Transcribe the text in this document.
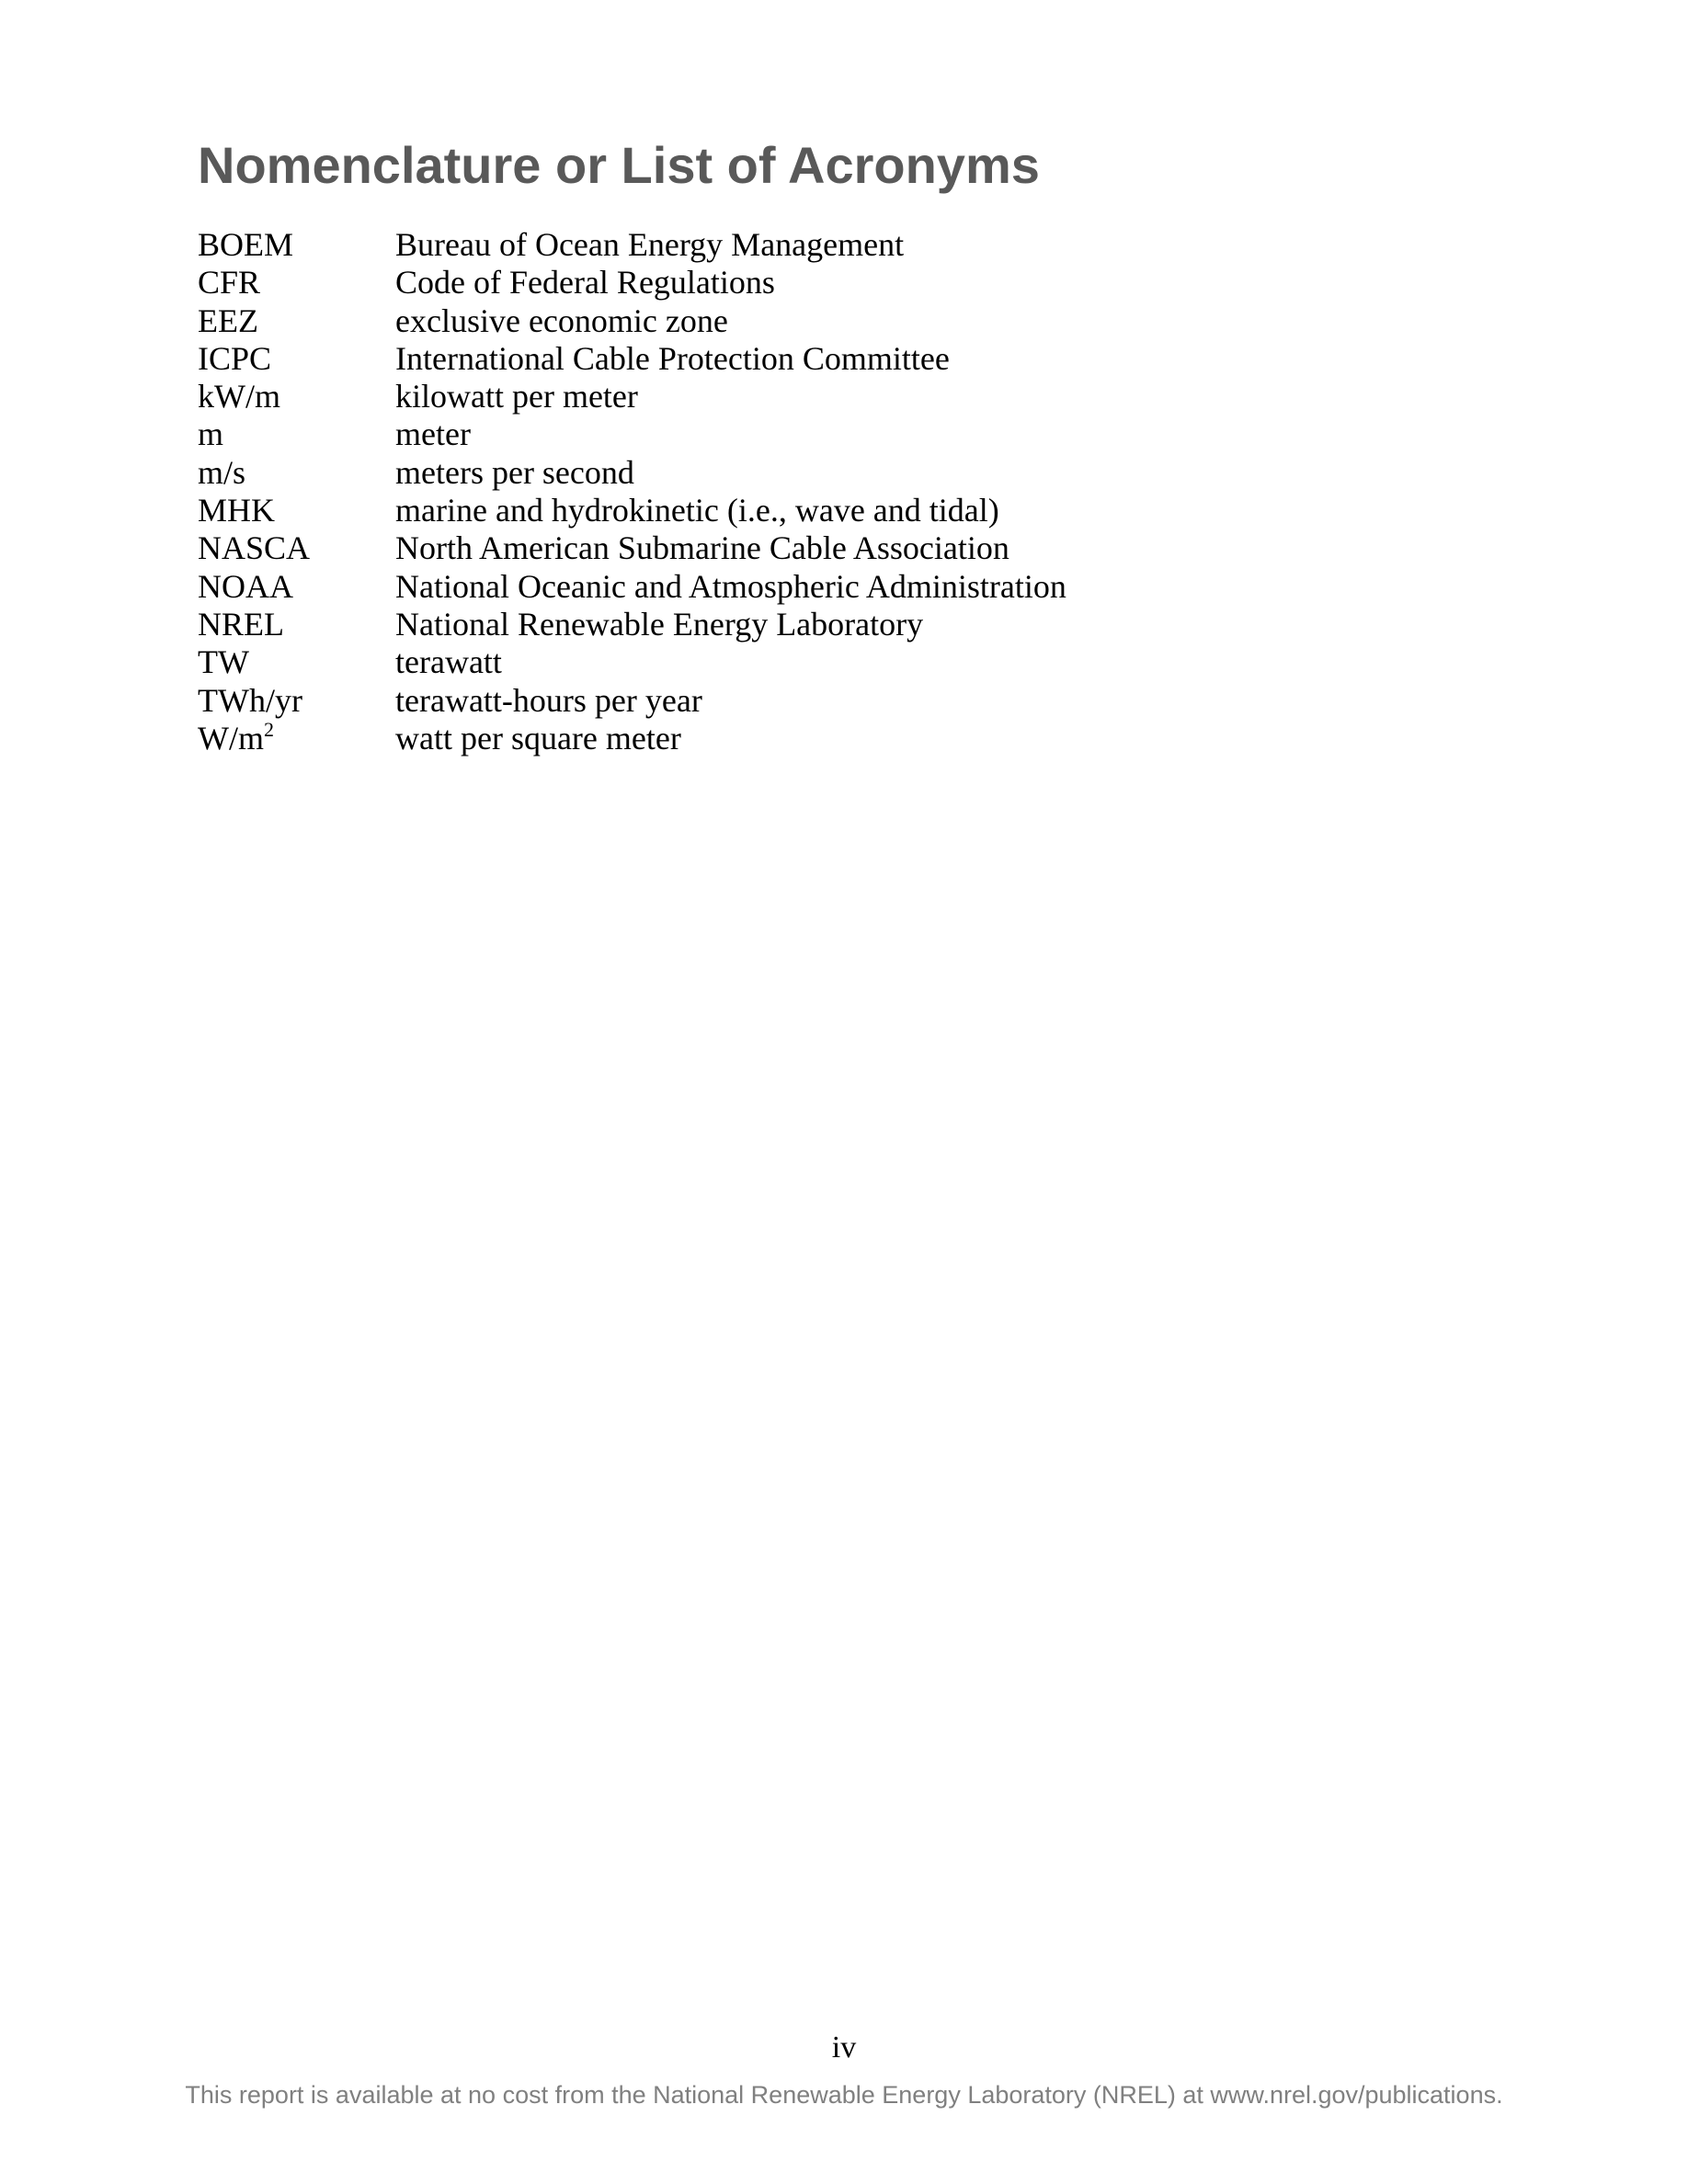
Nomenclature or List of Acronyms
BOEM	Bureau of Ocean Energy Management
CFR	Code of Federal Regulations
EEZ	exclusive economic zone
ICPC	International Cable Protection Committee
kW/m	kilowatt per meter
m	meter
m/s	meters per second
MHK	marine and hydrokinetic (i.e., wave and tidal)
NASCA	North American Submarine Cable Association
NOAA	National Oceanic and Atmospheric Administration
NREL	National Renewable Energy Laboratory
TW	terawatt
TWh/yr	terawatt-hours per year
$W/m^2$	watt per square meter
iv
This report is available at no cost from the National Renewable Energy Laboratory (NREL) at www.nrel.gov/publications.
